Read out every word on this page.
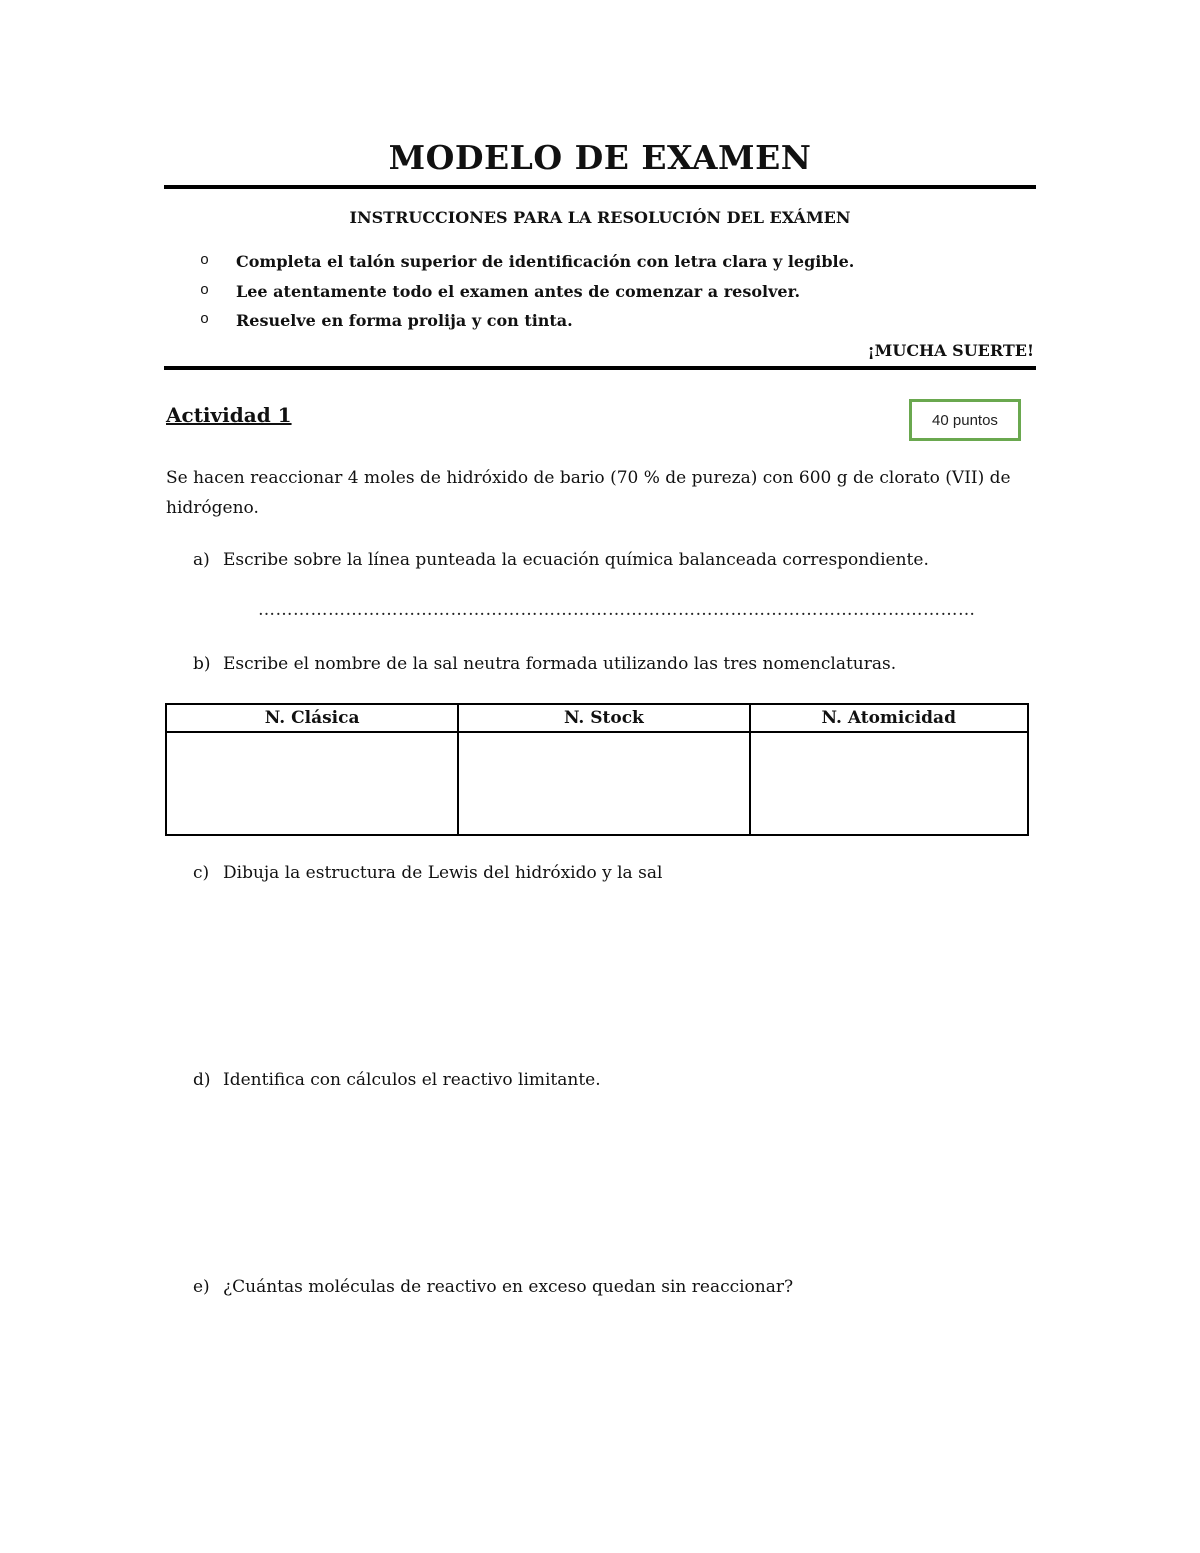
MODELO DE EXAMEN
INSTRUCCIONES PARA LA RESOLUCIÓN DEL EXÁMEN
o Completa el talón superior de identificación con letra clara y legible.
o Lee atentamente todo el examen antes de comenzar a resolver.
o Resuelve en forma prolija y con tinta.
¡MUCHA SUERTE!
Actividad 1	40 puntos

Se hacen reaccionar 4 moles de hidróxido de bario (70 % de pureza) con 600 g de clorato (VII) de hidrógeno.

a) Escribe sobre la línea punteada la ecuación química balanceada correspondiente.
……………………………………………………………………………………………………………
b) Escribe el nombre de la sal neutra formada utilizando las tres nomenclaturas.
N. Clásica	N. Stock	N. Atomicidad

c) Dibuja la estructura de Lewis del hidróxido y la sal
d) Identifica con cálculos el reactivo limitante.
e) ¿Cuántas moléculas de reactivo en exceso quedan sin reaccionar?
